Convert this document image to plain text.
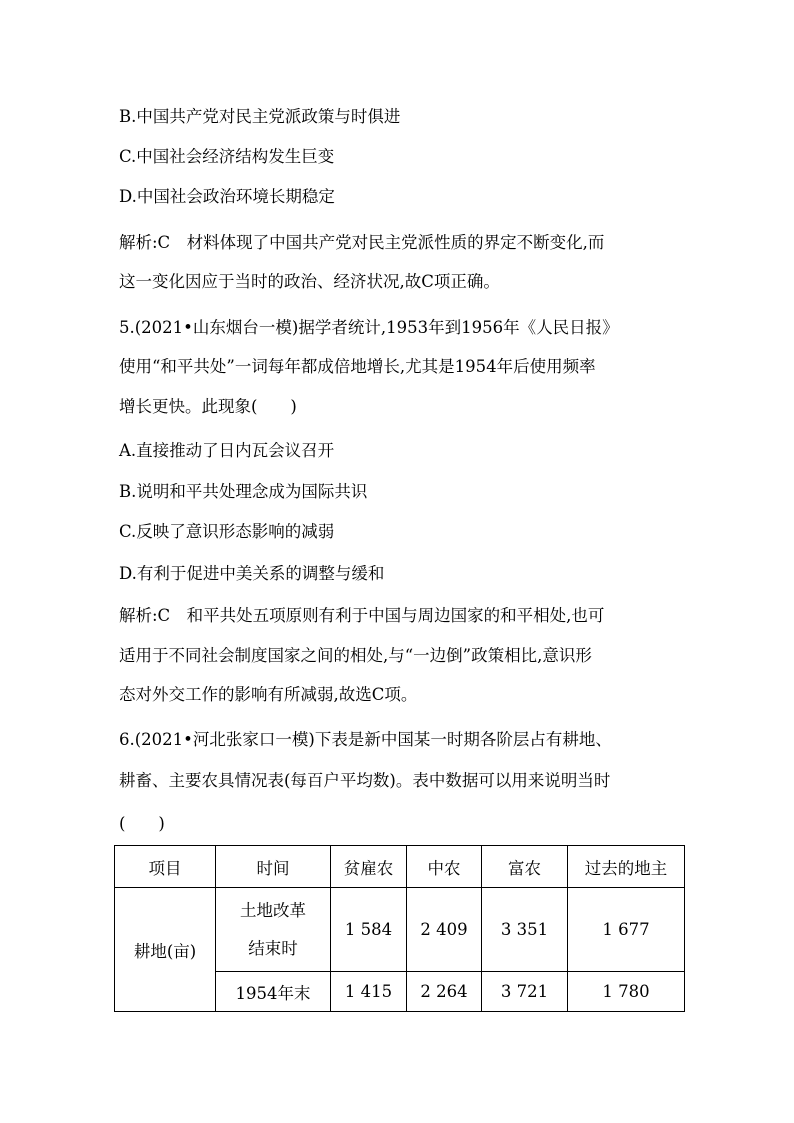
B.中国共产党对民主党派政策与时俱进
C.中国社会经济结构发生巨变
D.中国社会政治环境长期稳定
解析:C　材料体现了中国共产党对民主党派性质的界定不断变化,而
这一变化因应于当时的政治、经济状况,故C项正确。
5.(2021•山东烟台一模)据学者统计,1953年到1956年《人民日报》
使用“和平共处”一词每年都成倍地增长,尤其是1954年后使用频率
增长更快。此现象(　　)
A.直接推动了日内瓦会议召开
B.说明和平共处理念成为国际共识
C.反映了意识形态影响的减弱
D.有利于促进中美关系的调整与缓和
解析:C　和平共处五项原则有利于中国与周边国家的和平相处,也可
适用于不同社会制度国家之间的相处,与“一边倒”政策相比,意识形
态对外交工作的影响有所减弱,故选C项。
6.(2021•河北张家口一模)下表是新中国某一时期各阶层占有耕地、
耕畜、主要农具情况表(每百户平均数)。表中数据可以用来说明当时
(　　)
项目	时间	贫雇农	中农	富农	过去的地主
耕地(亩)	土地改革
结束时	1 584	2 409	3 351	1 677
	1954年末	1 415	2 264	3 721	1 780
